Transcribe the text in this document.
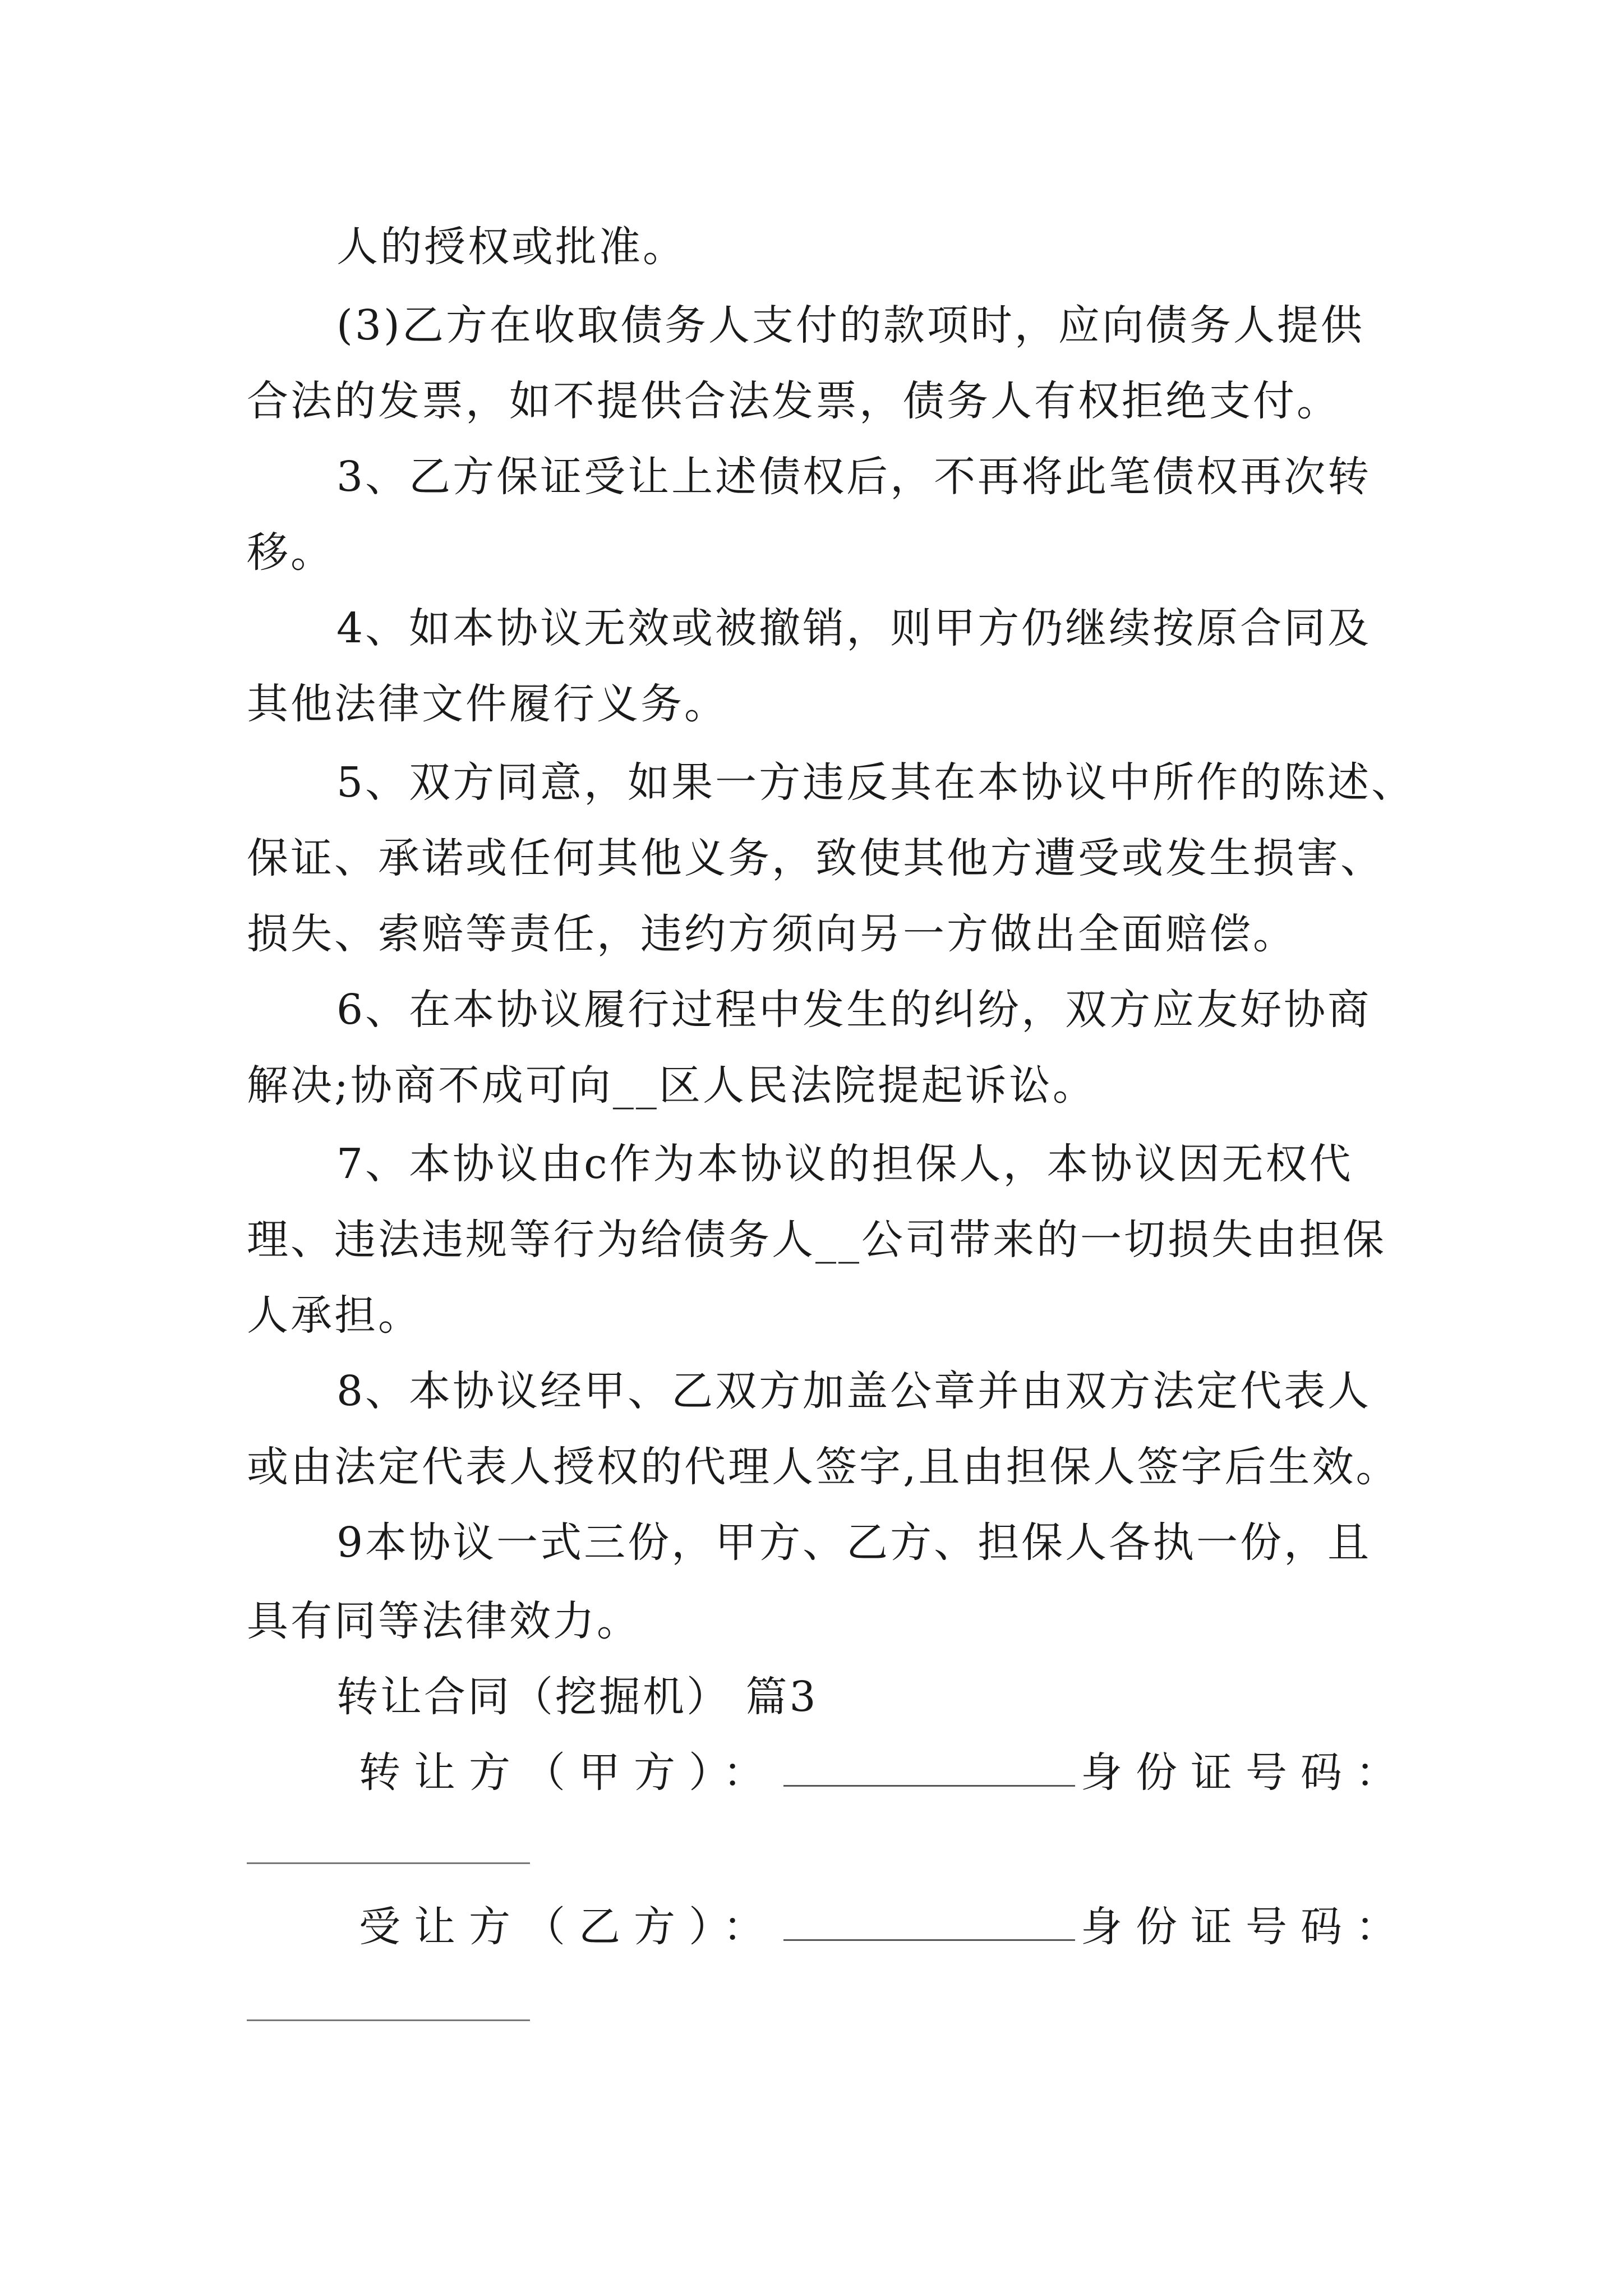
人的授权或批准。
(3)乙方在收取债务人支付的款项时，应向债务人提供
合法的发票，如不提供合法发票，债务人有权拒绝支付。
3、乙方保证受让上述债权后，不再将此笔债权再次转
移。
4、如本协议无效或被撤销，则甲方仍继续按原合同及
其他法律文件履行义务。
5、双方同意，如果一方违反其在本协议中所作的陈述、
保证、承诺或任何其他义务，致使其他方遭受或发生损害、
损失、索赔等责任，违约方须向另一方做出全面赔偿。
6、在本协议履行过程中发生的纠纷，双方应友好协商
解决;协商不成可向__区人民法院提起诉讼。
7、本协议由c作为本协议的担保人，本协议因无权代
理、违法违规等行为给债务人__公司带来的一切损失由担保
人承担。
8、本协议经甲、乙双方加盖公章并由双方法定代表人
或由法定代表人授权的代理人签字,且由担保人签字后生效。
9本协议一式三份，甲方、乙方、担保人各执一份，且
具有同等法律效力。
转让合同（挖掘机） 篇3
转让方（甲方）：	身份证号码：
受让方（乙方）：	身份证号码：
